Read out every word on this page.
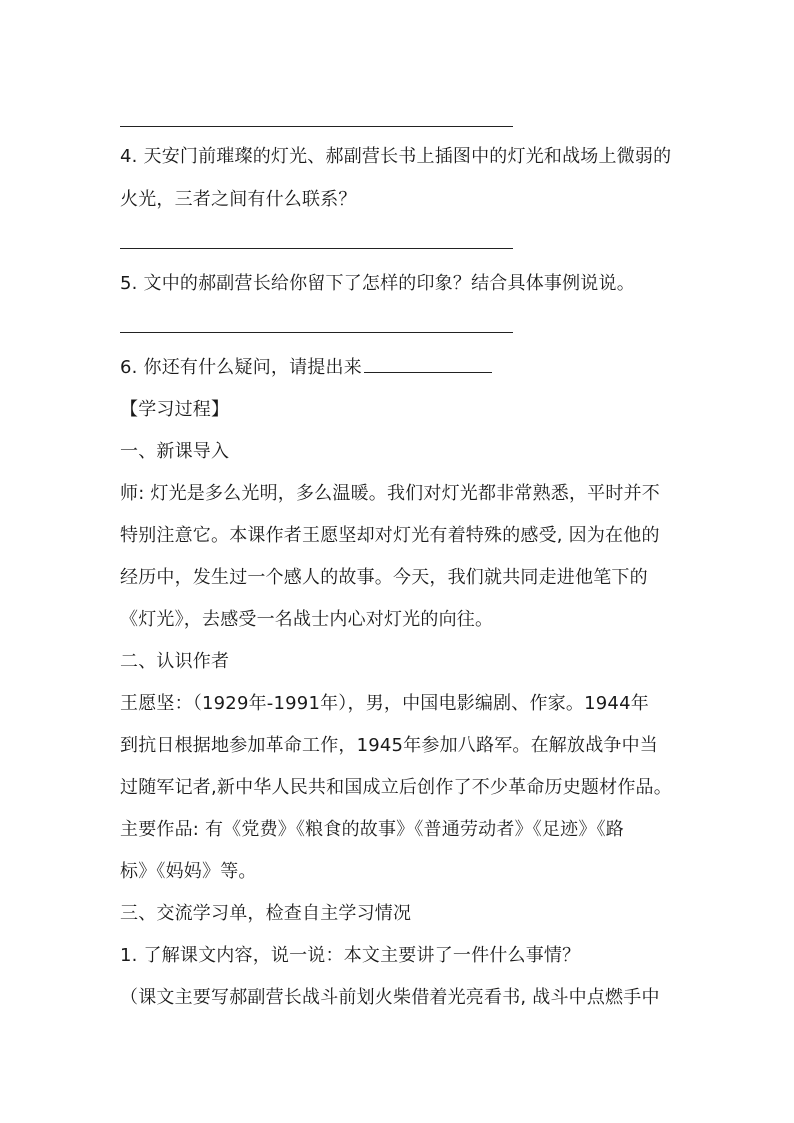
4. 天安门前璀璨的灯光、郝副营长书上插图中的灯光和战场上微弱的
火光，三者之间有什么联系？
5. 文中的郝副营长给你留下了怎样的印象？结合具体事例说说。
6. 你还有什么疑问，请提出来
【学习过程】
一、新课导入
师: 灯光是多么光明，多么温暖。我们对灯光都非常熟悉，平时并不
特别注意它。本课作者王愿坚却对灯光有着特殊的感受, 因为在他的
经历中，发生过一个感人的故事。今天，我们就共同走进他笔下的
《灯光》，去感受一名战士内心对灯光的向往。
二、认识作者
王愿坚：（1929年-1991年），男，中国电影编剧、作家。1944年
到抗日根据地参加革命工作，1945年参加八路军。在解放战争中当
过随军记者,新中华人民共和国成立后创作了不少革命历史题材作品。
主要作品: 有《党费》《粮食的故事》《普通劳动者》《足迹》《路
标》《妈妈》等。
三、交流学习单，检查自主学习情况
1. 了解课文内容，说一说：本文主要讲了一件什么事情？
（课文主要写郝副营长战斗前划火柴借着光亮看书, 战斗中点燃手中
